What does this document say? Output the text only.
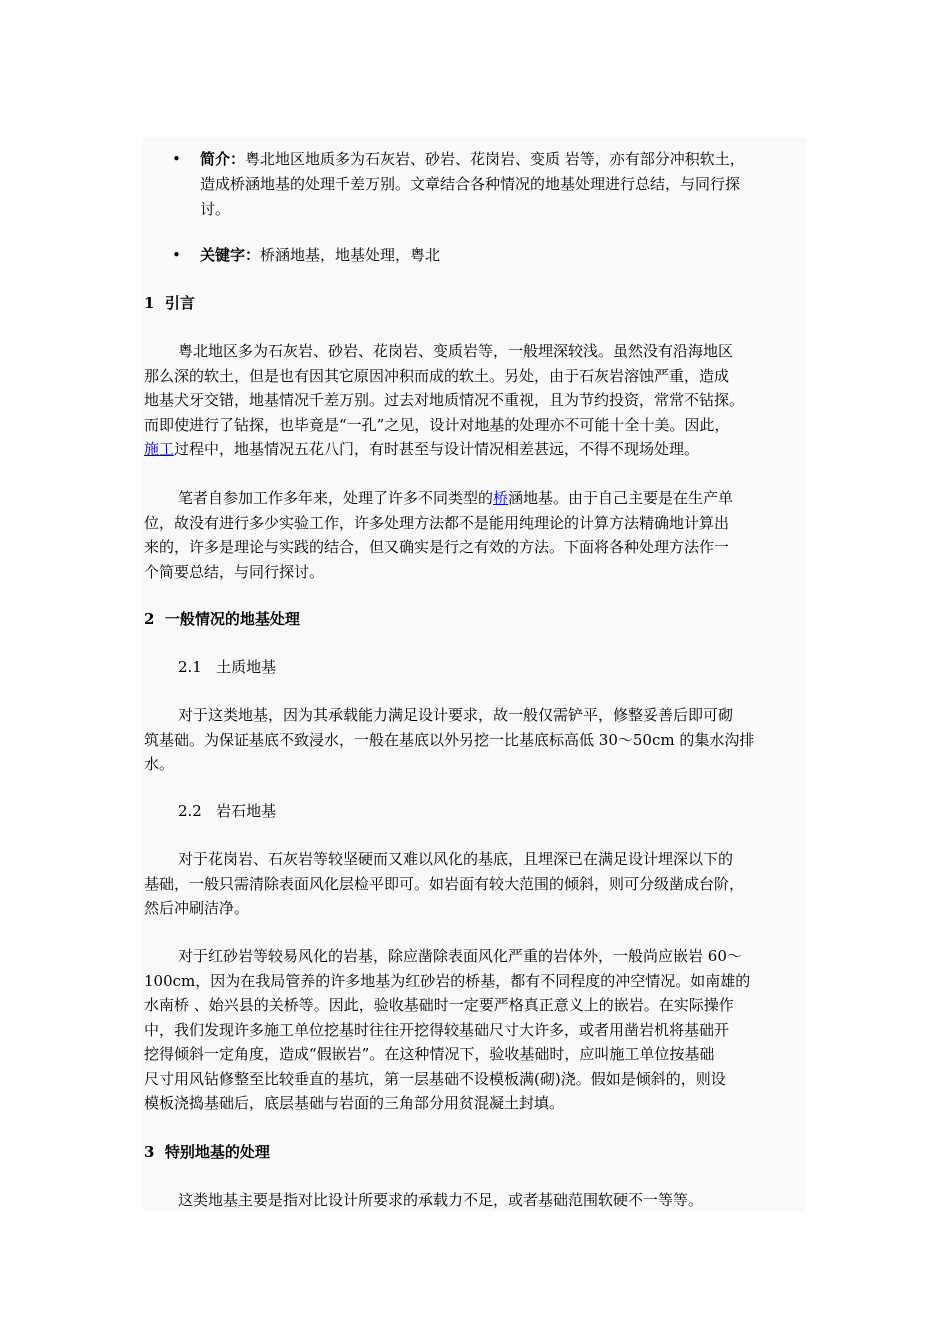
• 简介：粤北地区地质多为石灰岩、砂岩、花岗岩、变质 岩等，亦有部分冲积软土，
造成桥涵地基的处理千差万别。文章结合各种情况的地基处理进行总结，与同行探
讨。
• 关键字：桥涵地基，地基处理，粤北
1  引言
粤北地区多为石灰岩、砂岩、花岗岩、变质岩等，一般埋深较浅。虽然没有沿海地区
那么深的软土，但是也有因其它原因冲积而成的软土。另处，由于石灰岩溶蚀严重，造成
地基犬牙交错，地基情况千差万别。过去对地质情况不重视，且为节约投资，常常不钻探。
而即使进行了钻探，也毕竟是“一孔”之见，设计对地基的处理亦不可能十全十美。因此，
施工过程中，地基情况五花八门，有时甚至与设计情况相差甚远，不得不现场处理。
笔者自参加工作多年来，处理了许多不同类型的桥涵地基。由于自己主要是在生产单
位，故没有进行多少实验工作，许多处理方法都不是能用纯理论的计算方法精确地计算出
来的，许多是理论与实践的结合，但又确实是行之有效的方法。下面将各种处理方法作一
个简要总结，与同行探讨。
2  一般情况的地基处理
2.1   土质地基
对于这类地基，因为其承载能力满足设计要求，故一般仅需铲平，修整妥善后即可砌
筑基础。为保证基底不致浸水，一般在基底以外另挖一比基底标高低 30～50cm 的集水沟排
水。
2.2   岩石地基
对于花岗岩、石灰岩等较坚硬而又难以风化的基底，且埋深已在满足设计埋深以下的
基础，一般只需清除表面风化层检平即可。如岩面有较大范围的倾斜，则可分级凿成台阶，
然后冲刷洁净。
对于红砂岩等较易风化的岩基，除应凿除表面风化严重的岩体外，一般尚应嵌岩 60～
100cm，因为在我局管养的许多地基为红砂岩的桥基，都有不同程度的冲空情况。如南雄的
水南桥 、始兴县的关桥等。因此，验收基础时一定要严格真正意义上的嵌岩。在实际操作
中，我们发现许多施工单位挖基时往往开挖得较基础尺寸大许多，或者用凿岩机将基础开
挖得倾斜一定角度，造成“假嵌岩”。在这种情况下，验收基础时，应叫施工单位按基础
尺寸用风钻修整至比较垂直的基坑，第一层基础不设模板满(砌)浇。假如是倾斜的，则设
模板浇捣基础后，底层基础与岩面的三角部分用贫混凝土封填。
3  特别地基的处理
这类地基主要是指对比设计所要求的承载力不足，或者基础范围软硬不一等等。
